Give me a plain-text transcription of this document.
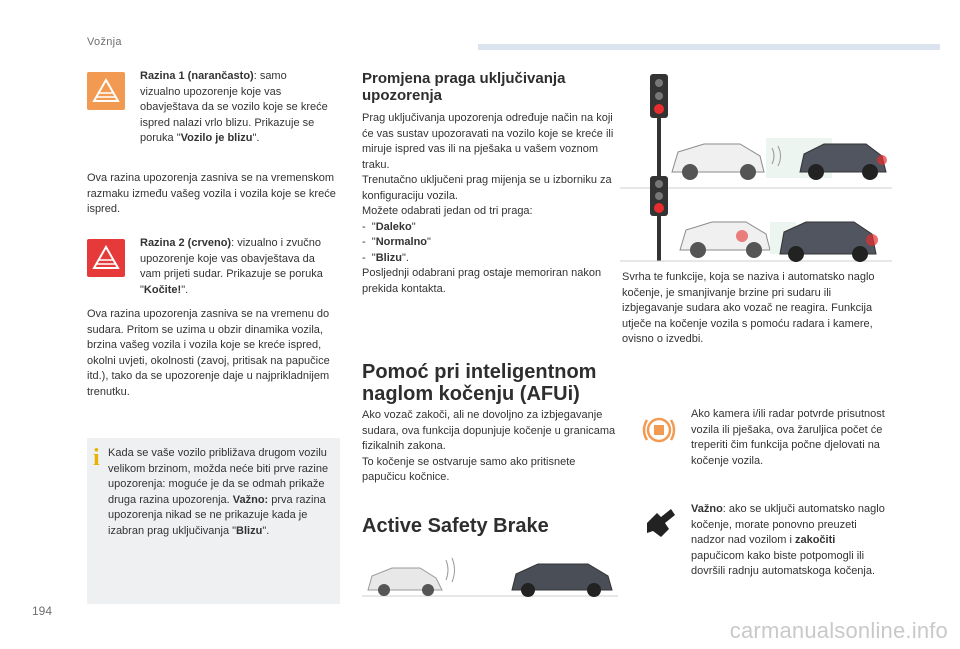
Vožnja
Razina 1 (narančasto): samo vizualno upozorenje koje vas obavještava da se vozilo koje se kreće ispred nalazi vrlo blizu. Prikazuje se poruka "Vozilo je blizu".
Ova razina upozorenja zasniva se na vremenskom razmaku između vašeg vozila i vozila koje se kreće ispred.
Razina 2 (crveno): vizualno i zvučno upozorenje koje vas obavještava da vam prijeti sudar. Prikazuje se poruka "Kočite!".
Ova razina upozorenja zasniva se na vremenu do sudara. Pritom se uzima u obzir dinamika vozila, brzina vašeg vozila i vozila koje se kreće ispred, okolni uvjeti, okolnosti (zavoj, pritisak na papučice itd.), tako da se upozorenje daje u najprikladnijem trenutku.
i Kada se vaše vozilo približava drugom vozilu velikom brzinom, možda neće biti prve razine upozorenja: moguće je da se odmah prikaže druga razina upozorenja. Važno: prva razina upozorenja nikad se ne prikazuje kada je izabran prag uključivanja "Blizu".
Promjena praga uključivanja upozorenja
Prag uključivanja upozorenja određuje način na koji će vas sustav upozoravati na vozilo koje se kreće ili miruje ispred vas ili na pješaka u vašem voznom traku.
Trenutačno uključeni prag mijenja se u izborniku za konfiguraciju vozila.
Možete odabrati jedan od tri praga:
-  "Daleko"
-  "Normalno"
-  "Blizu".
Posljednji odabrani prag ostaje memoriran nakon prekida kontakta.
Pomoć pri inteligentnom naglom kočenju (AFUi)
Ako vozač zakoči, ali ne dovoljno za izbjegavanje sudara, ova funkcija dopunjuje kočenje u granicama fizikalnih zakona.
To kočenje se ostvaruje samo ako pritisnete papučicu kočnice.
Active Safety Brake
Svrha te funkcije, koja se naziva i automatsko naglo kočenje, je smanjivanje brzine pri sudaru ili izbjegavanje sudara ako vozač ne reagira. Funkcija utječe na kočenje vozila s pomoću radara i kamere, ovisno o izvedbi.
Ako kamera i/ili radar potvrde prisutnost vozila ili pješaka, ova žaruljica počet će treperiti čim funkcija počne djelovati na kočenje vozila.
Važno: ako se uključi automatsko naglo kočenje, morate ponovno preuzeti nadzor nad vozilom i zakočiti papučicom kako biste potpomogli ili dovršili radnju automatskoga kočenja.
194
carmanualsonline.info
